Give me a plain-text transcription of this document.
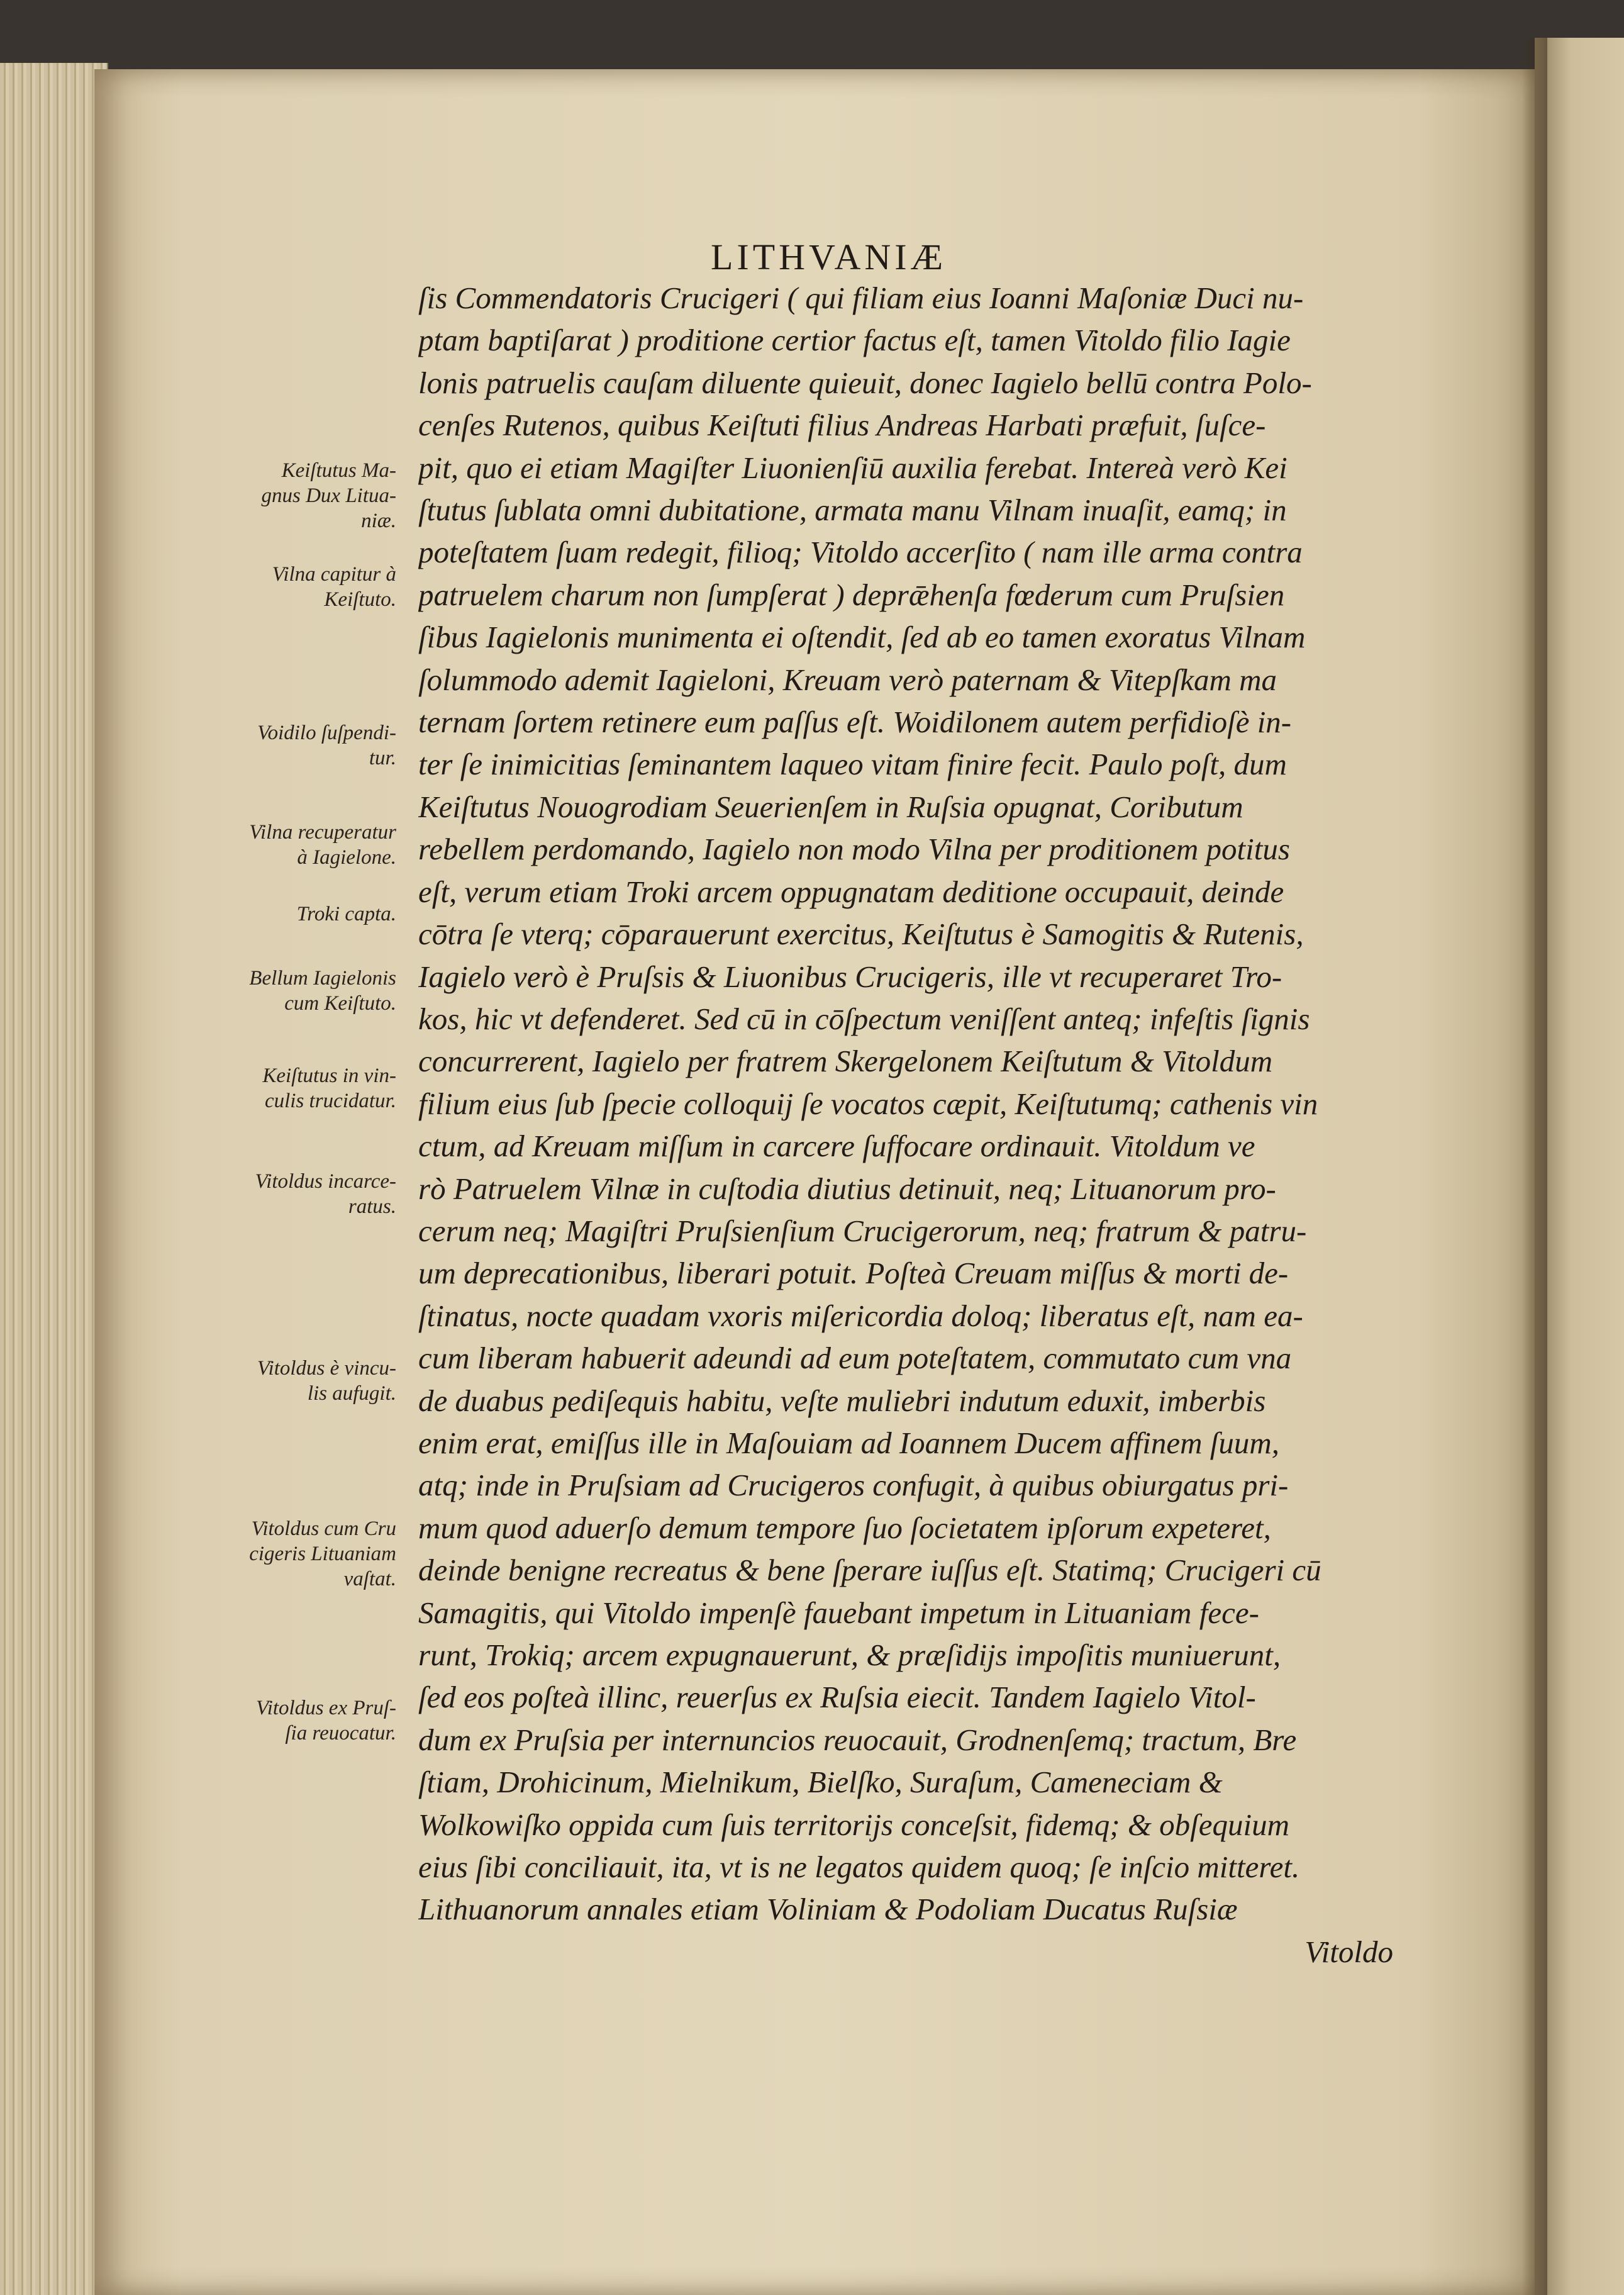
LITHVANIÆ
ſis Commendatoris Crucigeri ( qui filiam eius Ioanni Maſoniæ Duci nu-
ptam baptiſarat ) proditione certior factus eſt, tamen Vitoldo filio Iagie
lonis patruelis cauſam diluente quieuit, donec Iagielo bellū contra Polo-
cenſes Rutenos, quibus Keiſtuti filius Andreas Harbati præfuit, ſuſce-
pit, quo ei etiam Magiſter Liuonienſiū auxilia ferebat. Intereà verò Kei
ſtutus ſublata omni dubitatione, armata manu Vilnam inuaſit, eamq; in
poteſtatem ſuam redegit, filioq; Vitoldo accerſito ( nam ille arma contra
patruelem charum non ſumpſerat ) deprǣhenſa fœderum cum Pruſsien
ſibus Iagielonis munimenta ei oſtendit, ſed ab eo tamen exoratus Vilnam
ſolummodo ademit Iagieloni, Kreuam verò paternam & Vitepſkam ma
ternam ſortem retinere eum paſſus eſt. Woidilonem autem perfidioſè in-
ter ſe inimicitias ſeminantem laqueo vitam finire fecit. Paulo poſt, dum
Keiſtutus Nouogrodiam Seuerienſem in Ruſsia opugnat, Coributum
rebellem perdomando, Iagielo non modo Vilna per proditionem potitus
eſt, verum etiam Troki arcem oppugnatam deditione occupauit, deinde
cōtra ſe vterq; cōparauerunt exercitus, Keiſtutus è Samogitis & Rutenis,
Iagielo verò è Pruſsis & Liuonibus Crucigeris, ille vt recuperaret Tro-
kos, hic vt defenderet. Sed cū in cōſpectum veniſſent anteq; infeſtis ſignis
concurrerent, Iagielo per fratrem Skergelonem Keiſtutum & Vitoldum
filium eius ſub ſpecie colloquij ſe vocatos cæpit, Keiſtutumq; cathenis vin
ctum, ad Kreuam miſſum in carcere ſuffocare ordinauit. Vitoldum ve
rò Patruelem Vilnæ in cuſtodia diutius detinuit, neq; Lituanorum pro-
cerum neq; Magiſtri Pruſsienſium Crucigerorum, neq; fratrum & patru-
um deprecationibus, liberari potuit. Poſteà Creuam miſſus & morti de-
ſtinatus, nocte quadam vxoris miſericordia doloq; liberatus eſt, nam ea-
cum liberam habuerit adeundi ad eum poteſtatem, commutato cum vna
de duabus pediſequis habitu, veſte muliebri indutum eduxit, imberbis
enim erat, emiſſus ille in Maſouiam ad Ioannem Ducem affinem ſuum,
atq; inde in Pruſsiam ad Crucigeros confugit, à quibus obiurgatus pri-
mum quod aduerſo demum tempore ſuo ſocietatem ipſorum expeteret,
deinde benigne recreatus & bene ſperare iuſſus eſt. Statimq; Crucigeri cū
Samagitis, qui Vitoldo impenſè fauebant impetum in Lituaniam fece-
runt, Trokiq; arcem expugnauerunt, & præſidijs impoſitis muniuerunt,
ſed eos poſteà illinc, reuerſus ex Ruſsia eiecit. Tandem Iagielo Vitol-
dum ex Pruſsia per internuncios reuocauit, Grodnenſemq; tractum, Bre
ſtiam, Drohicinum, Mielnikum, Bielſko, Suraſum, Cameneciam &
Wolkowiſko oppida cum ſuis territorijs conceſsit, fidemq; & obſequium
eius ſibi conciliauit, ita, vt is ne legatos quidem quoq; ſe inſcio mitteret.
Lithuanorum annales etiam Voliniam & Podoliam Ducatus Ruſsiæ
Vitoldo
Keiſtutus Ma-
gnus Dux Litua-
niæ.
Vilna capitur à
Keiſtuto.
Voidilo ſuſpendi-
tur.
Vilna recuperatur
à Iagielone.
Troki capta.
Bellum Iagielonis
cum Keiſtuto.
Keiſtutus in vin-
culis trucidatur.
Vitoldus incarce-
ratus.
Vitoldus è vincu-
lis aufugit.
Vitoldus cum Cru
cigeris Lituaniam
vaſtat.
Vitoldus ex Pruſ-
ſia reuocatur.
